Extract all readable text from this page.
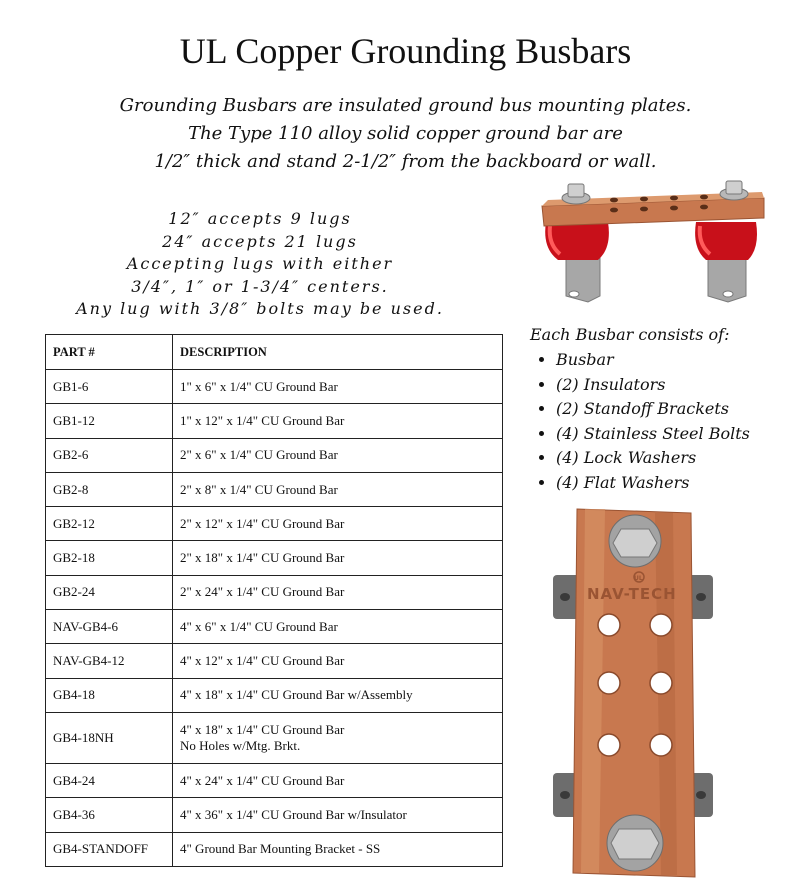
UL Copper Grounding Busbars
Grounding Busbars are insulated ground bus mounting plates.
The Type 110 alloy solid copper ground bar are
1/2″ thick and stand 2-1/2″ from the backboard or wall.
12″ accepts 9 lugs
24″ accepts 21 lugs
Accepting lugs with either
3/4″, 1″ or 1-3/4″ centers.
Any lug with 3/8″ bolts may be used.
PART #	DESCRIPTION
GB1-6	1" x 6" x 1/4" CU Ground Bar
GB1-12	1" x 12" x 1/4" CU Ground Bar
GB2-6	2" x 6" x 1/4" CU Ground Bar
GB2-8	2" x 8" x 1/4" CU Ground Bar
GB2-12	2" x 12" x 1/4" CU Ground Bar
GB2-18	2" x 18" x 1/4" CU Ground Bar
GB2-24	2" x 24" x 1/4" CU Ground Bar
NAV-GB4-6	4" x 6" x 1/4" CU Ground Bar
NAV-GB4-12	4" x 12" x 1/4" CU Ground Bar
GB4-18	4" x 18" x 1/4" CU Ground Bar w/Assembly
GB4-18NH	4" x 18" x 1/4" CU Ground Bar
No Holes w/Mtg. Brkt.

GB4-24	4" x 24" x 1/4" CU Ground Bar
GB4-36	4" x 36" x 1/4" CU Ground Bar w/Insulator
GB4-STANDOFF	4" Ground Bar Mounting Bracket - SS
Each Busbar consists of:
• Busbar
• (2) Insulators
• (2) Standoff Brackets
• (4) Stainless Steel Bolts
• (4) Lock Washers
• (4) Flat Washers
UL
NAV-TECH
